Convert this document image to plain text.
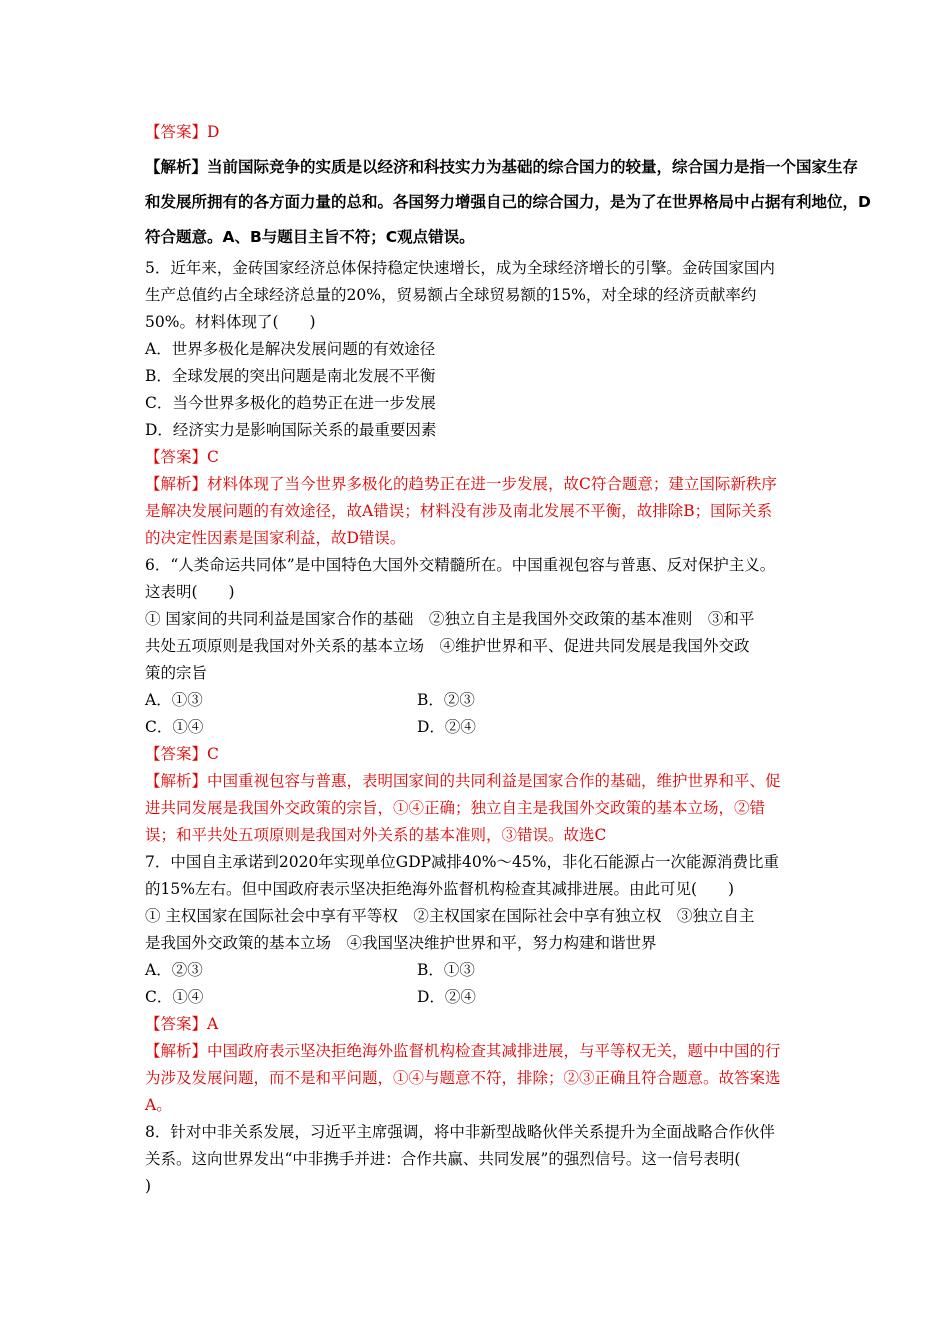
【答案】D
【解析】当前国际竞争的实质是以经济和科技实力为基础的综合国力的较量，综合国力是指一个国家生存
和发展所拥有的各方面力量的总和。各国努力增强自己的综合国力，是为了在世界格局中占据有利地位，D
符合题意。A、B与题目主旨不符；C观点错误。
5．近年来，金砖国家经济总体保持稳定快速增长，成为全球经济增长的引擎。金砖国家国内
生产总值约占全球经济总量的20%，贸易额占全球贸易额的15%，对全球的经济贡献率约
50%。材料体现了(　　)
A．世界多极化是解决发展问题的有效途径
B．全球发展的突出问题是南北发展不平衡
C．当今世界多极化的趋势正在进一步发展
D．经济实力是影响国际关系的最重要因素
【答案】C
【解析】材料体现了当今世界多极化的趋势正在进一步发展，故C符合题意；建立国际新秩序
是解决发展问题的有效途径，故A错误；材料没有涉及南北发展不平衡，故排除B；国际关系
的决定性因素是国家利益，故D错误。
6．“人类命运共同体”是中国特色大国外交精髓所在。中国重视包容与普惠、反对保护主义。
这表明(　　)
① 国家间的共同利益是国家合作的基础　②独立自主是我国外交政策的基本准则　③和平
共处五项原则是我国对外关系的基本立场　④维护世界和平、促进共同发展是我国外交政
策的宗旨
A．①③	B．②③
C．①④	D．②④
【答案】C
【解析】中国重视包容与普惠，表明国家间的共同利益是国家合作的基础，维护世界和平、促
进共同发展是我国外交政策的宗旨，①④正确；独立自主是我国外交政策的基本立场，②错
误；和平共处五项原则是我国对外关系的基本准则，③错误。故选C
7．中国自主承诺到2020年实现单位GDP减排40%～45%，非化石能源占一次能源消费比重
的15%左右。但中国政府表示坚决拒绝海外监督机构检查其减排进展。由此可见(　　)
① 主权国家在国际社会中享有平等权　②主权国家在国际社会中享有独立权　③独立自主
是我国外交政策的基本立场　④我国坚决维护世界和平，努力构建和谐世界
A．②③	B．①③
C．①④	D．②④
【答案】A
【解析】中国政府表示坚决拒绝海外监督机构检查其减排进展，与平等权无关，题中中国的行
为涉及发展问题，而不是和平问题，①④与题意不符，排除；②③正确且符合题意。故答案选
A。
8．针对中非关系发展，习近平主席强调，将中非新型战略伙伴关系提升为全面战略合作伙伴
关系。这向世界发出“中非携手并进：合作共赢、共同发展”的强烈信号。这一信号表明(
)
